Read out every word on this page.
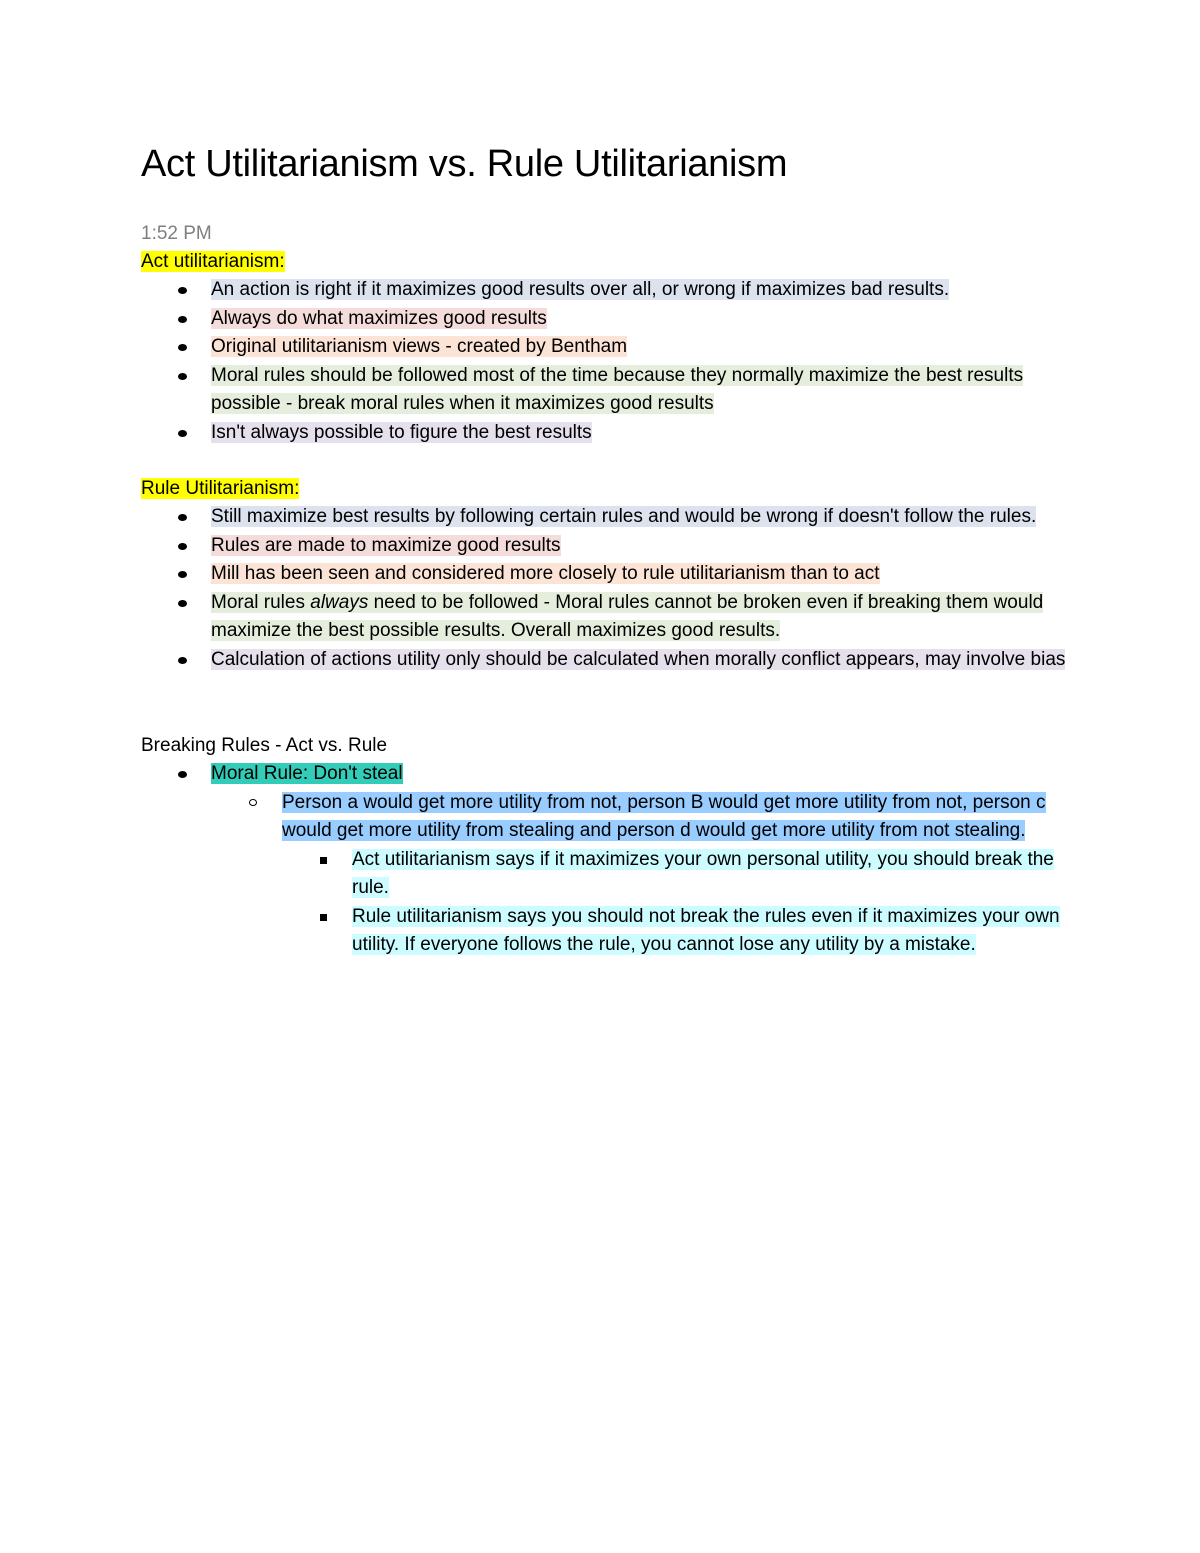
Act Utilitarianism vs. Rule Utilitarianism
1:52 PM
Act utilitarianism:
An action is right if it maximizes good results over all, or wrong if maximizes bad results.
Always do what maximizes good results
Original utilitarianism views - created by Bentham
Moral rules should be followed most of the time because they normally maximize the best results possible - break moral rules when it maximizes good results
Isn't always possible to figure the best results
Rule Utilitarianism:
Still maximize best results by following certain rules and would be wrong if doesn't follow the rules.
Rules are made to maximize good results
Mill has been seen and considered more closely to rule utilitarianism than to act
Moral rules always need to be followed - Moral rules cannot be broken even if breaking them would maximize the best possible results. Overall maximizes good results.
Calculation of actions utility only should be calculated when morally conflict appears, may involve bias
Breaking Rules - Act vs. Rule
Moral Rule: Don't steal
Person a would get more utility from not, person B would get more utility from not, person c would get more utility from stealing and person d would get more utility from not stealing.
Act utilitarianism says if it maximizes your own personal utility, you should break the rule.
Rule utilitarianism says you should not break the rules even if it maximizes your own utility. If everyone follows the rule, you cannot lose any utility by a mistake.
